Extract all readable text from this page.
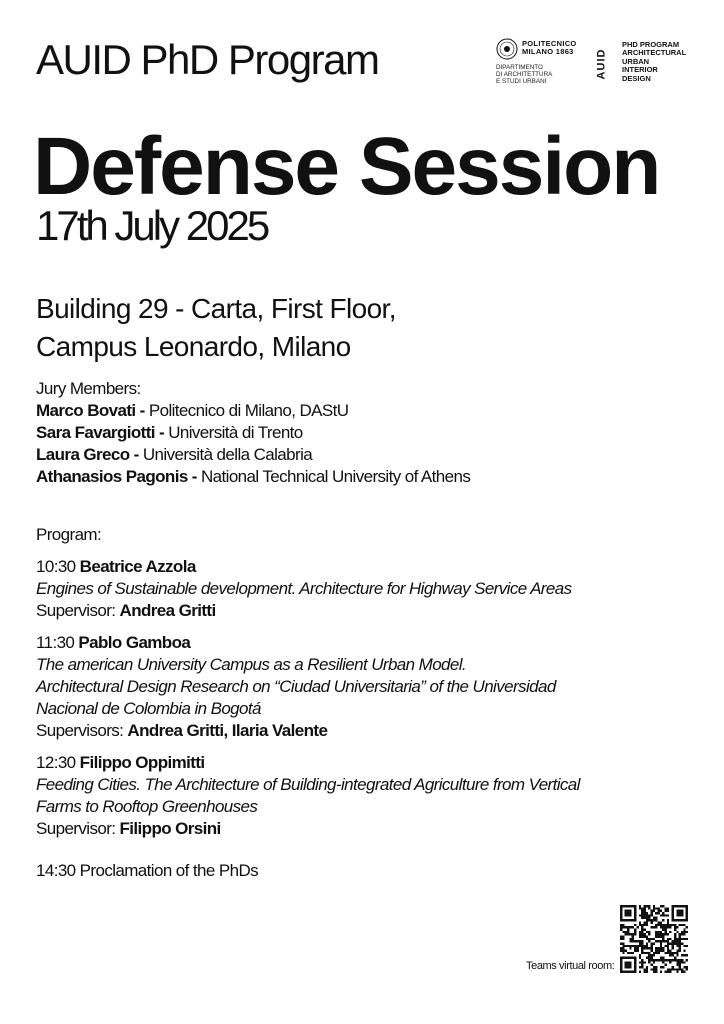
AUID PhD Program	POLITECNICO
MILANO 1863
DIPARTIMENTO
DI ARCHITETTURA
E STUDI URBANI
AUID
PHD PROGRAM
ARCHITECTURAL
URBAN
INTERIOR
DESIGN
Defense Session
17th July 2025
Building 29 - Carta, First Floor,
Campus Leonardo, Milano
Jury Members:
Marco Bovati - Politecnico di Milano, DAStU
Sara Favargiotti - Università di Trento
Laura Greco - Università della Calabria
Athanasios Pagonis - National Technical University of Athens
Program:
10:30 Beatrice Azzola
Engines of Sustainable development. Architecture for Highway Service Areas
Supervisor: Andrea Gritti
11:30 Pablo Gamboa
The american University Campus as a Resilient Urban Model.
Architectural Design Research on “Ciudad Universitaria” of the Universidad
Nacional de Colombia in Bogotá
Supervisors: Andrea Gritti, Ilaria Valente
12:30 Filippo Oppimitti
Feeding Cities. The Architecture of Building-integrated Agriculture from Vertical
Farms to Rooftop Greenhouses
Supervisor: Filippo Orsini
14:30 Proclamation of the PhDs
Teams virtual room:
